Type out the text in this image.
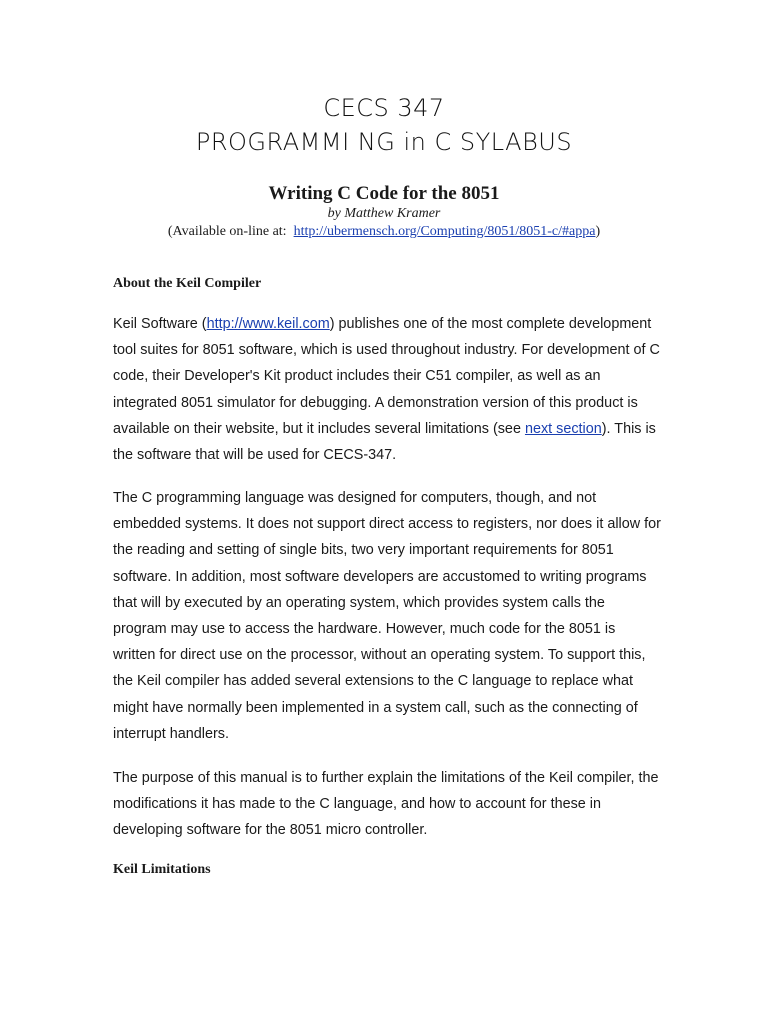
CECS 347
PROGRAMMI NG in C SYLABUS
Writing C Code for the 8051
by Matthew Kramer
(Available on-line at: http://ubermensch.org/Computing/8051/8051-c/#appa)
About the Keil Compiler

Keil Software (http://www.keil.com) publishes one of the most complete development tool suites for 8051 software, which is used throughout industry. For development of C code, their Developer's Kit product includes their C51 compiler, as well as an integrated 8051 simulator for debugging. A demonstration version of this product is available on their website, but it includes several limitations (see next section). This is the software that will be used for CECS-347.

The C programming language was designed for computers, though, and not embedded systems. It does not support direct access to registers, nor does it allow for the reading and setting of single bits, two very important requirements for 8051 software. In addition, most software developers are accustomed to writing programs that will by executed by an operating system, which provides system calls the program may use to access the hardware. However, much code for the 8051 is written for direct use on the processor, without an operating system. To support this, the Keil compiler has added several extensions to the C language to replace what might have normally been implemented in a system call, such as the connecting of interrupt handlers.

The purpose of this manual is to further explain the limitations of the Keil compiler, the modifications it has made to the C language, and how to account for these in developing software for the 8051 micro controller.

Keil Limitations
